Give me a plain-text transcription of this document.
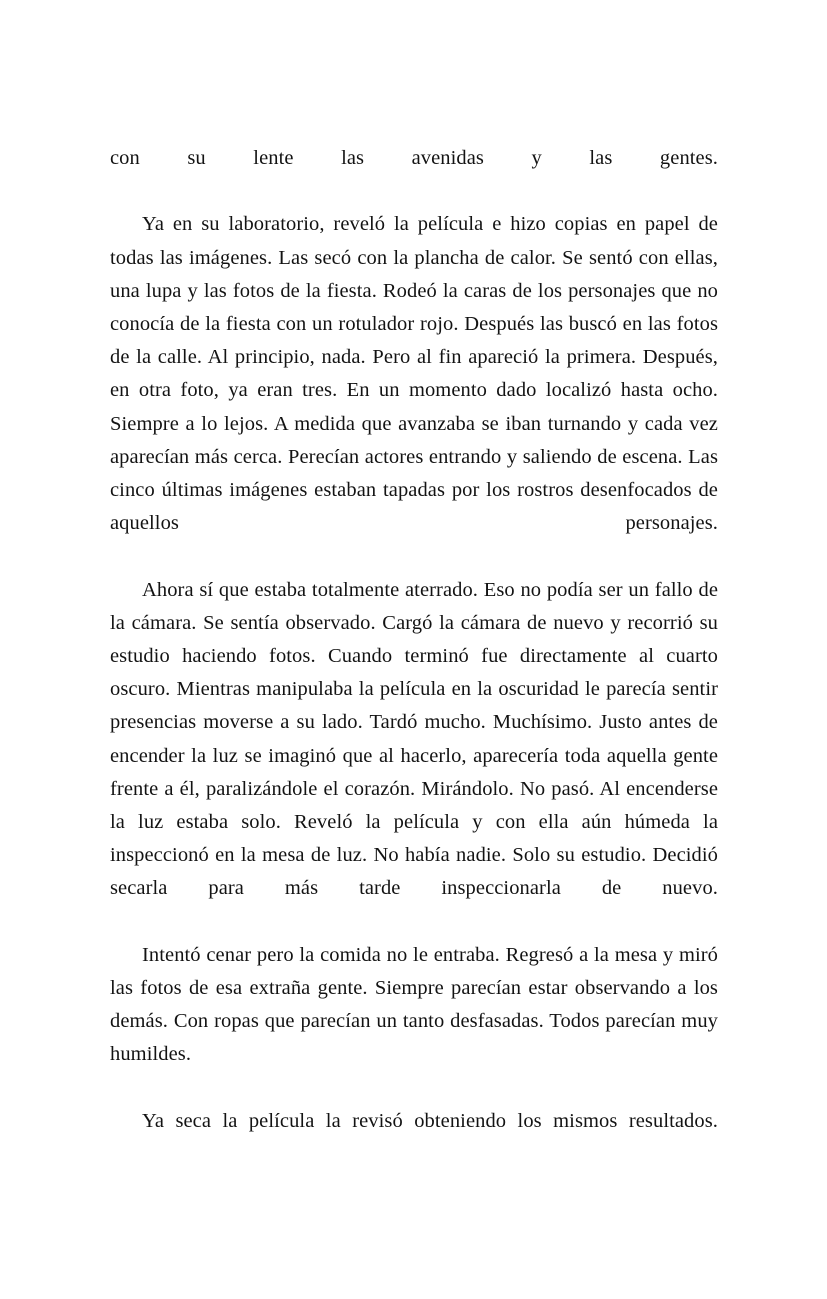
con su lente las avenidas y las gentes.

Ya en su laboratorio, reveló la película e hizo copias en papel de todas las imágenes. Las secó con la plancha de calor. Se sentó con ellas, una lupa y las fotos de la fiesta. Rodeó la caras de los personajes que no conocía de la fiesta con un rotulador rojo. Después las buscó en las fotos de la calle. Al principio, nada. Pero al fin apareció la primera. Después, en otra foto, ya eran tres. En un momento dado localizó hasta ocho. Siempre a lo lejos. A medida que avanzaba se iban turnando y cada vez aparecían más cerca. Perecían actores entrando y saliendo de escena. Las cinco últimas imágenes estaban tapadas por los rostros desenfocados de aquellos personajes.

Ahora sí que estaba totalmente aterrado. Eso no podía ser un fallo de la cámara. Se sentía observado. Cargó la cámara de nuevo y recorrió su estudio haciendo fotos. Cuando terminó fue directamente al cuarto oscuro. Mientras manipulaba la película en la oscuridad le parecía sentir presencias moverse a su lado. Tardó mucho. Muchísimo. Justo antes de encender la luz se imaginó que al hacerlo, aparecería toda aquella gente frente a él, paralizándole el corazón. Mirándolo. No pasó. Al encenderse la luz estaba solo. Reveló la película y con ella aún húmeda la inspeccionó en la mesa de luz. No había nadie. Solo su estudio. Decidió secarla para más tarde inspeccionarla de nuevo.

Intentó cenar pero la comida no le entraba. Regresó a la mesa y miró las fotos de esa extraña gente. Siempre parecían estar observando a los demás. Con ropas que parecían un tanto desfasadas. Todos parecían muy humildes.

Ya seca la película la revisó obteniendo los mismos resultados.
